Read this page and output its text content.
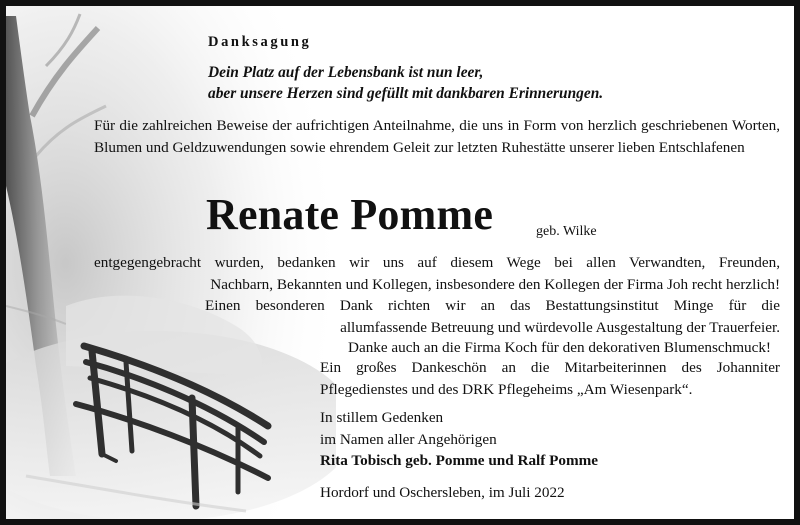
Danksagung
Dein Platz auf der Lebensbank ist nun leer,
aber unsere Herzen sind gefüllt mit dankbaren Erinnerungen.

Für die zahlreichen Beweise der aufrichtigen Anteilnahme, die uns in Form von herzlich geschriebenen Worten, Blumen und Geldzuwendungen sowie ehrendem Geleit zur letzten Ruhestätte unserer lieben Entschlafenen

Renate Pomme	geb. Wilke
entgegengebracht wurden, bedanken wir uns auf diesem Wege bei allen Verwandten, Freunden,
Nachbarn, Bekannten und Kollegen, insbesondere den Kollegen der Firma Joh recht herzlich!
Einen besonderen Dank richten wir an das Bestattungsinstitut Minge für die
allumfassende Betreuung und würdevolle Ausgestaltung der Trauerfeier.
Danke auch an die Firma Koch für den dekorativen Blumenschmuck!
Ein großes Dankeschön an die Mitarbeiterinnen des Johanniter
Pflegedienstes und des DRK Pflegeheims „Am Wiesenpark“.
In stillem Gedenken
im Namen aller Angehörigen
Rita Tobisch geb. Pomme und Ralf Pomme
Hordorf und Oschersleben, im Juli 2022
